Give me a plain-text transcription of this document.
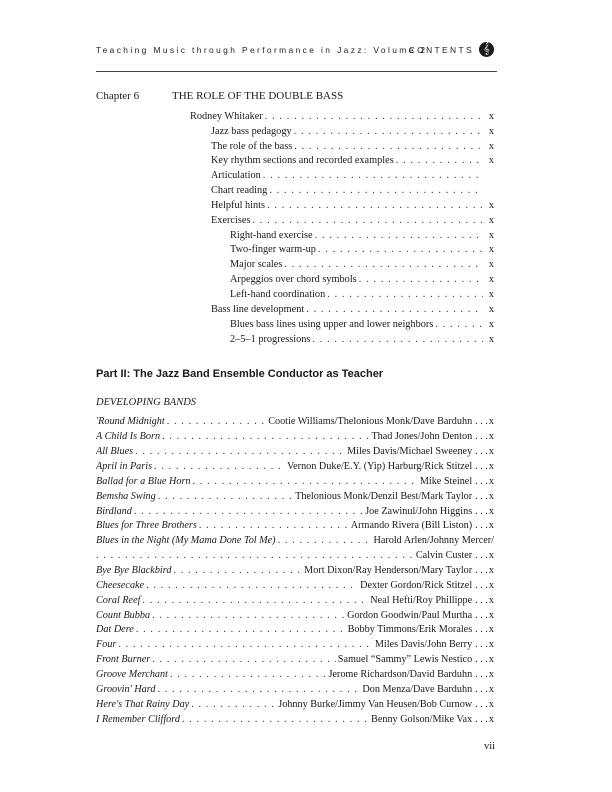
Teaching Music through Performance in Jazz: Volume 2
CONTENTS 𝄞
Chapter 6	THE ROLE OF THE DOUBLE BASS
Rodney Whitaker . . .	x
Jazz bass pedagogy . . .	x
The role of the bass . . .	x
Key rhythm sections and recorded examples . . .	x
Articulation
. . .
Chart reading
. . .
Helpful hints . . .	x
Exercises . . .	x
Right-hand exercise . . .	x
Two-finger warm-up . . .	x
Major scales . . .	x
Arpeggios over chord symbols . . .	x
Left-hand coordination . . .	x
Bass line development . . .	x
Blues bass lines using upper and lower neighbors . . .	x
2–5–1 progressions . . .	x
Part II: The Jazz Band Ensemble Conductor as Teacher
DEVELOPING BANDS
'Round Midnight . . .	Cootie Williams/Thelonious Monk/Dave Barduhn	. . . x
A Child Is Born . . .	Thad Jones/John Denton	. . . x
All Blues . . .	Miles Davis/Michael Sweeney	. . . x
April in Paris . . .	Vernon Duke/E.Y. (Yip) Harburg/Rick Stitzel	. . . x
Ballad for a Blue Horn . . .	Mike Steinel	. . . x
Bemsha Swing . . .	Thelonious Monk/Denzil Best/Mark Taylor	. . . x
Birdland . . .	Joe Zawinul/John Higgins	. . . x
Blues for Three Brothers . . .	Armando Rivera (Bill Liston)	. . . x
Blues in the Night (My Mama Done Tol Me) . . .	Harold Arlen/Johnny Mercer/
. . .
Calvin Custer	. . . x
Bye Bye Blackbird . . .	Mort Dixon/Ray Henderson/Mary Taylor	. . . x
Cheesecake . . .	Dexter Gordon/Rick Stitzel	. . . x
Coral Reef . . .	Neal Hefti/Roy Phillippe	. . . x
Count Bubba . . .	Gordon Goodwin/Paul Murtha	. . . x
Dat Dere . . .	Bobby Timmons/Erik Morales	. . . x
Four . . .	Miles Davis/John Berry	. . . x
Front Burner . . .	Samuel “Sammy” Lewis Nestico	. . . x
Groove Merchant . . .	Jerome Richardson/David Barduhn	. . . x
Groovin' Hard . . .	Don Menza/Dave Barduhn	. . . x
Here's That Rainy Day . . .	Johnny Burke/Jimmy Van Heusen/Bob Curnow	. . . x
I Remember Clifford . . .	Benny Golson/Mike Vax	. . . x
vii
